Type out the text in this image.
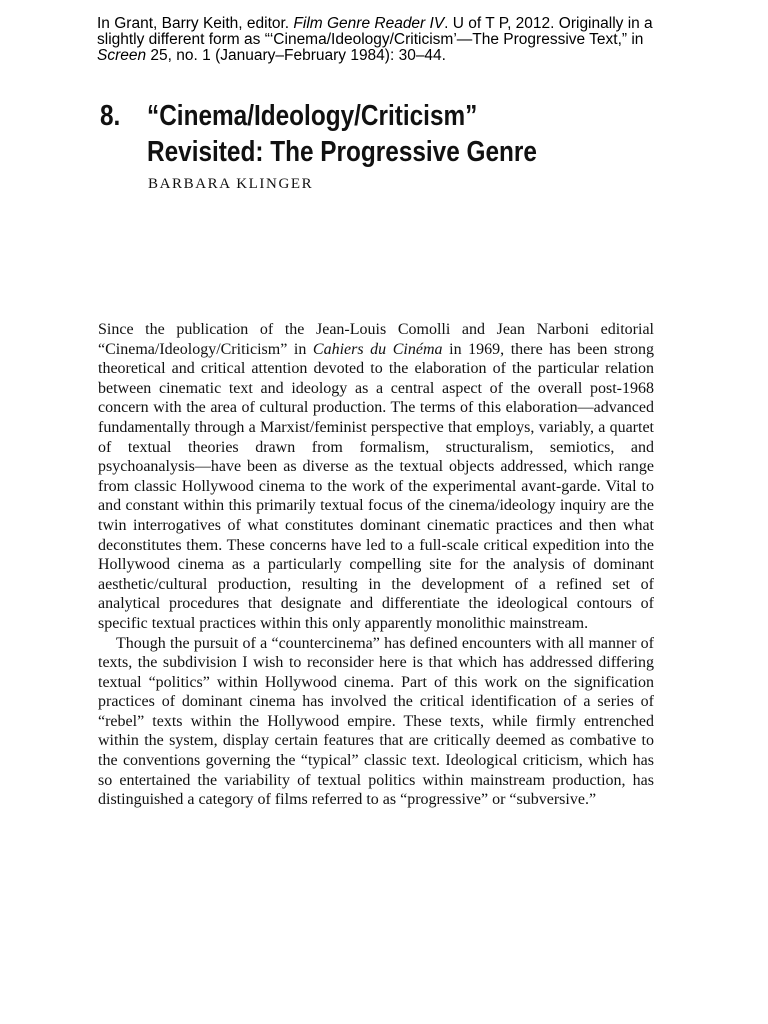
In Grant, Barry Keith, editor. Film Genre Reader IV. U of T P, 2012. Originally in a slightly different form as “‘Cinema/Ideology/Criticism’—The Progressive Text,” in Screen 25, no. 1 (January–February 1984): 30–44.
8. “Cinema/Ideology/Criticism”
Revisited: The Progressive Genre
BARBARA KLINGER

Since the publication of the Jean-Louis Comolli and Jean Narboni editorial “Cinema/Ideology/Criticism” in Cahiers du Cinéma in 1969, there has been strong theoretical and critical attention devoted to the elaboration of the particular relation between cinematic text and ideology as a central aspect of the overall post-1968 concern with the area of cultural production. The terms of this elaboration—advanced fundamentally through a Marxist/feminist perspective that employs, variably, a quartet of textual theories drawn from formalism, structuralism, semiotics, and psychoanalysis—have been as diverse as the textual objects addressed, which range from classic Hollywood cinema to the work of the experimental avant-garde. Vital to and constant within this primarily textual focus of the cinema/ideology inquiry are the twin interrogatives of what constitutes dominant cinematic practices and then what deconstitutes them. These concerns have led to a full-scale critical expedition into the Hollywood cinema as a particularly compelling site for the analysis of dominant aesthetic/cultural production, resulting in the development of a refined set of analytical procedures that designate and differentiate the ideological contours of specific textual practices within this only apparently monolithic mainstream.

Though the pursuit of a “countercinema” has defined encounters with all manner of texts, the subdivision I wish to reconsider here is that which has addressed differing textual “politics” within Hollywood cinema. Part of this work on the signification practices of dominant cinema has involved the critical identification of a series of “rebel” texts within the Hollywood empire. These texts, while firmly entrenched within the system, display certain features that are critically deemed as combative to the conventions governing the “typical” classic text. Ideological criticism, which has so entertained the variability of textual politics within mainstream production, has distinguished a category of films referred to as “progressive” or “subversive.”
